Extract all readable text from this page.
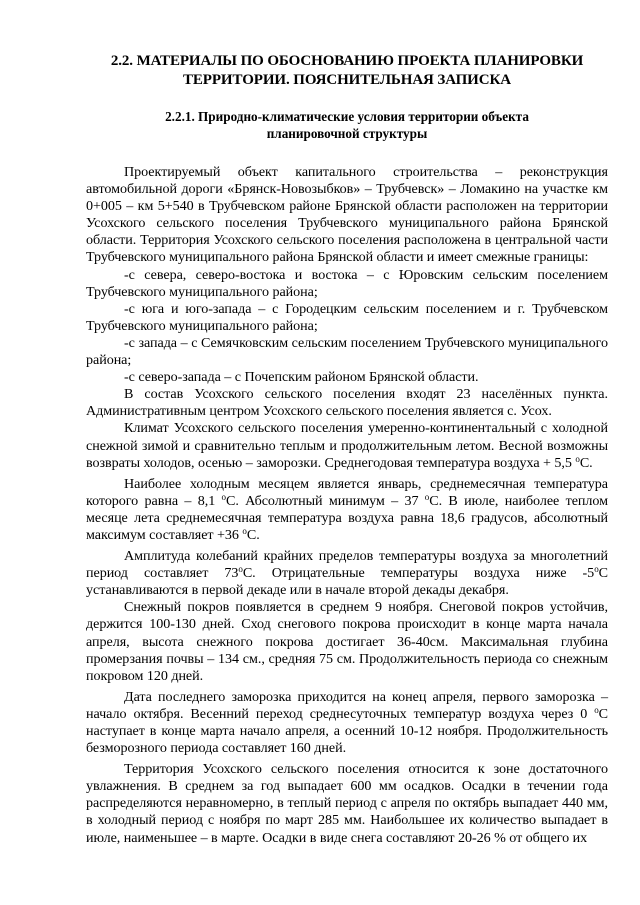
2.2. МАТЕРИАЛЫ ПО ОБОСНОВАНИЮ ПРОЕКТА ПЛАНИРОВКИ
ТЕРРИТОРИИ. ПОЯСНИТЕЛЬНАЯ ЗАПИСКА
2.2.1. Природно-климатические условия территории объекта
планировочной структуры

Проектируемый объект капитального строительства – реконструкция автомобильной дороги «Брянск-Новозыбков» – Трубчевск» – Ломакино на участке км 0+005 – км 5+540 в Трубчевском районе Брянской области расположен на территории Усохского сельского поселения Трубчевского муниципального района Брянской области. Территория Усохского сельского поселения расположена в центральной части Трубчевского муниципального района Брянской области и имеет смежные границы:

-с севера, северо-востока и востока – с Юровским сельским поселением Трубчевского муниципального района;

-с юга и юго-запада – с Городецким сельским поселением и г. Трубчевском Трубчевского муниципального района;

-с запада – с Семячковским сельским поселением Трубчевского муниципального района;

-с северо-запада – с Почепским районом Брянской области.

В состав Усохского сельского поселения входят 23 населённых пункта. Административным центром Усохского сельского поселения является с. Усох.

Климат Усохского сельского поселения умеренно-континентальный с холодной снежной зимой и сравнительно теплым и продолжительным летом. Весной возможны возвраты холодов, осенью – заморозки. Среднегодовая температура воздуха + 5,5 $^о$С.

Наиболее холодным месяцем является январь, среднемесячная температура которого равна – 8,1 $^о$С. Абсолютный минимум – 37 $^о$С. В июле, наиболее теплом месяце лета среднемесячная температура воздуха равна 18,6 градусов, абсолютный максимум составляет +36 $^о$С.

Амплитуда колебаний крайних пределов температуры воздуха за многолетний период составляет $73^оС$. Отрицательные температуры воздуха ниже $-5^оС$ устанавливаются в первой декаде или в начале второй декады декабря.

Снежный покров появляется в среднем 9 ноября. Снеговой покров устойчив, держится 100-130 дней. Сход снегового покрова происходит в конце марта начала апреля, высота снежного покрова достигает 36-40см. Максимальная глубина промерзания почвы – 134 см., средняя 75 см. Продолжительность периода со снежным покровом 120 дней.

Дата последнего заморозка приходится на конец апреля, первого заморозка – начало октября. Весенний переход среднесуточных температур воздуха через 0 $^о$С наступает в конце марта начало апреля, а осенний 10-12 ноября. Продолжительность безморозного периода составляет 160 дней.

Территория Усохского сельского поселения относится к зоне достаточного увлажнения. В среднем за год выпадает 600 мм осадков. Осадки в течении года распределяются неравномерно, в теплый период с апреля по октябрь выпадает 440 мм, в холодный период с ноября по март 285 мм. Наибольшее их количество выпадает в июле, наименьшее – в марте. Осадки в виде снега составляют 20-26 % от общего их
